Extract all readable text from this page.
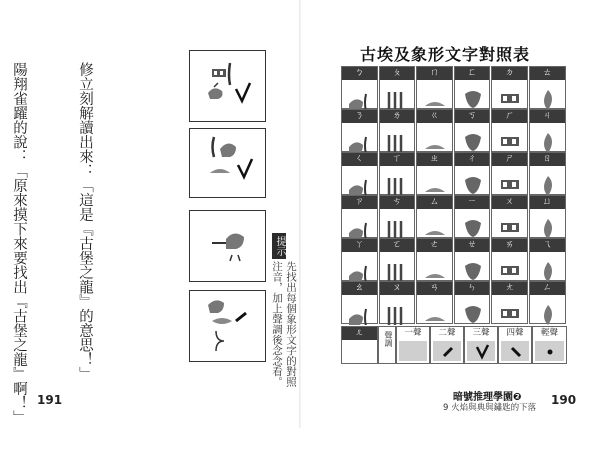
修立刻解讀出來：「這是『古堡之龍』的意思！」

陽翔雀躍的說：「原來摸下來要找出『古堡之龍』啊！」

	提示
先找出每個象形文字的對照
注音，加上聲調後念念看。
191
古埃及象形文字對照表
ㄅ	ㄆ	ㄇ	ㄈ	ㄉ	ㄊ
ㄋ	ㄌ	ㄍ	ㄎ	ㄏ	ㄐ
ㄑ	ㄒ	ㄓ	ㄔ	ㄕ	ㄖ
ㄗ	ㄘ	ㄙ	ㄧ	ㄨ	ㄩ
ㄚ	ㄛ	ㄜ	ㄝ	ㄞ	ㄟ
ㄠ	ㄡ	ㄢ	ㄣ	ㄤ	ㄥ
ㄦ	聲調	一聲	二聲	三聲	四聲	輕聲
暗號推理學園❷
9 火焰與典與鏽匙的下落
190
